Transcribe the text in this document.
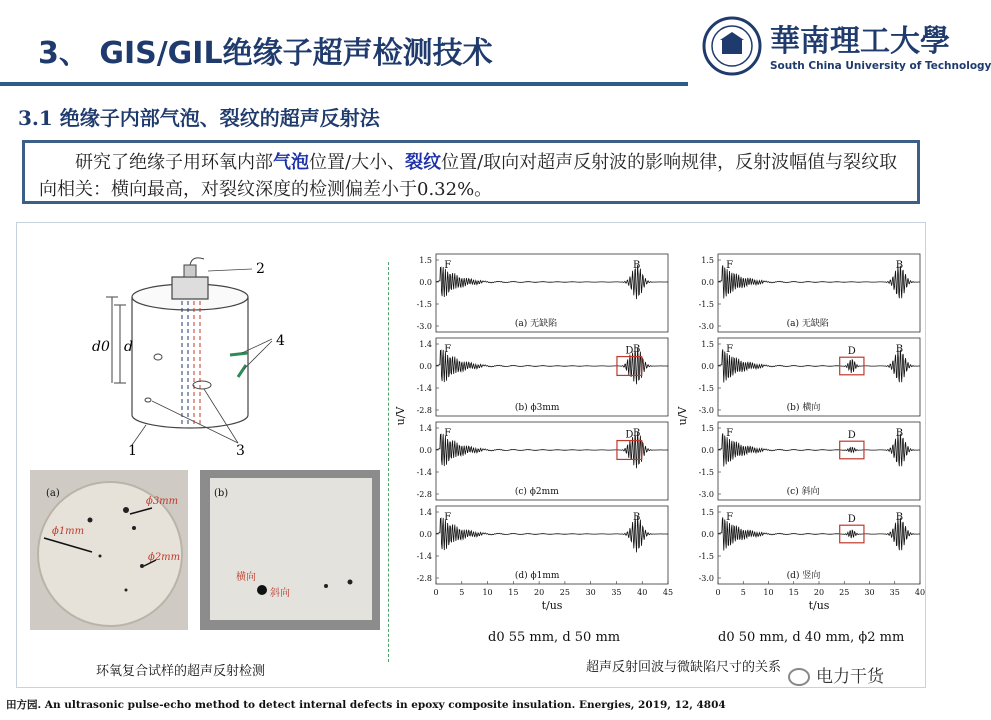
3、 GIS/GIL绝缘子超声检测技术	華南理工大學
South China University of Technology
3.1 绝缘子内部气泡、裂纹的超声反射法
研究了绝缘子用环氧内部气泡位置/大小、裂纹位置/取向对超声反射波的影响规律，反射波幅值与裂纹取向相关：横向最高，对裂纹深度的检测偏差小于0.32%。
d0 d
2
4
1	3
(a)
ϕ3mm
ϕ1mm
ϕ2mm
(b)
横向
斜向
1.5
0.0
-1.5
-3.0
F	B
(a) 无缺陷
1.4
0.0
-1.4
-2.8
F	B
D
(b) ϕ3mm
1.4
0.0
-1.4
-2.8
F	B
D
(c) ϕ2mm
1.4
0.0
-1.4
-2.8
F	B
(d) ϕ1mm
0	5 10 15 20 25 30 35 40 45
t/us
u/V
1.5
0.0
-1.5
-3.0
F	B
(a) 无缺陷
1.5
0.0
-1.5
-3.0
F	B
D
(b) 横向
1.5
0.0
-1.5
-3.0
F	B
D
(c) 斜向
1.5
0.0
-1.5
-3.0
F	B
D
(d) 竖向
0	5 10 15 20 25 30 35 40
t/us
u/V
d0 55 mm, d 50 mm	d0 50 mm, d 40 mm, ϕ2 mm
环氧复合试样的超声反射检测	超声反射回波与微缺陷尺寸的关系	电力干货
田方园. An ultrasonic pulse-echo method to detect internal defects in epoxy composite insulation. Energies, 2019, 12, 4804
